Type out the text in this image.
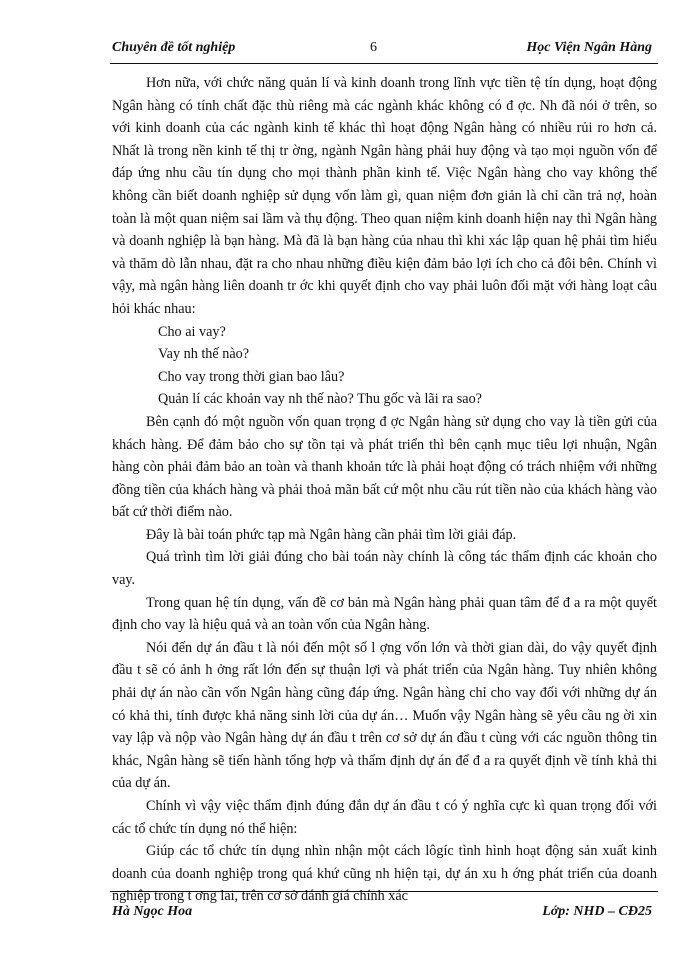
Chuyên đề tốt nghiệp	6	Học Viện Ngân Hàng

Hơn nữa, với chức năng quản lí và kinh doanh trong lĩnh vực tiền tệ tín dụng, hoạt động Ngân hàng có tính chất đặc thù riêng mà các ngành khác không có đ ợc. Nh đã nói ở trên, so với kinh doanh của các ngành kinh tế khác thì hoạt động Ngân hàng có nhiều rủi ro hơn cả. Nhất là trong nền kinh tế thị tr ờng, ngành Ngân hàng phải huy động và tạo mọi nguồn vốn để đáp ứng nhu cầu tín dụng cho mọi thành phần kinh tế. Việc Ngân hàng cho vay không thể không cần biết doanh nghiệp sử dụng vốn làm gì, quan niệm đơn giản là chỉ cần trả nợ, hoàn toàn là một quan niệm sai lầm và thụ động. Theo quan niệm kinh doanh hiện nay thì Ngân hàng và doanh nghiệp là bạn hàng. Mà đã là bạn hàng của nhau thì khi xác lập quan hệ phải tìm hiểu và thăm dò lẫn nhau, đặt ra cho nhau những điều kiện đảm bảo lợi ích cho cả đôi bên. Chính vì vậy, mà ngân hàng liên doanh tr ớc khi quyết định cho vay phải luôn đối mặt với hàng loạt câu hỏi khác nhau:

Cho ai vay?

Vay nh thế nào?

Cho vay trong thời gian bao lâu?

Quản lí các khoản vay nh thế nào? Thu gốc và lãi ra sao?

Bên cạnh đó một nguồn vốn quan trọng đ ợc Ngân hàng sử dụng cho vay là tiền gửi của khách hàng. Để đảm bảo cho sự tồn tại và phát triển thì bên cạnh mục tiêu lợi nhuận, Ngân hàng còn phải đảm bảo an toàn và thanh khoản tức là phải hoạt động có trách nhiệm với những đồng tiền của khách hàng và phải thoả mãn bất cứ một nhu cầu rút tiền nào của khách hàng vào bất cứ thời điểm nào.

Đây là bài toán phức tạp mà Ngân hàng cần phải tìm lời giải đáp.

Quá trình tìm lời giải đúng cho bài toán này chính là công tác thẩm định các khoản cho vay.

Trong quan hệ tín dụng, vấn đề cơ bản mà Ngân hàng phải quan tâm để đ a ra một quyết định cho vay là hiệu quả và an toàn vốn của Ngân hàng.

Nói đến dự án đầu t là nói đến một số l ợng vốn lớn và thời gian dài, do vậy quyết định đầu t sẽ có ảnh h ởng rất lớn đến sự thuận lợi và phát triển của Ngân hàng. Tuy nhiên không phải dự án nào cần vốn Ngân hàng cũng đáp ứng. Ngân hàng chỉ cho vay đối với những dự án có khả thi, tính được khả năng sinh lời của dự án… Muốn vậy Ngân hàng sẽ yêu cầu ng ời xin vay lập và nộp vào Ngân hàng dự án đầu t trên cơ sở dự án đầu t cùng với các nguồn thông tin khác, Ngân hàng sẽ tiến hành tổng hợp và thẩm định dự án để đ a ra quyết định về tính khả thi của dự án.

Chính vì vậy việc thẩm định đúng đắn dự án đầu t có ý nghĩa cực kì quan trọng đối với các tổ chức tín dụng nó thể hiện:

Giúp các tổ chức tín dụng nhìn nhận một cách lôgíc tình hình hoạt động sản xuất kinh doanh của doanh nghiệp trong quá khứ cũng nh hiện tại, dự án xu h ớng phát triển của doanh nghiệp trong t ơng lai, trên cơ sở đánh giá chính xác

Hà Ngọc Hoa	Lớp: NHD – CĐ25
